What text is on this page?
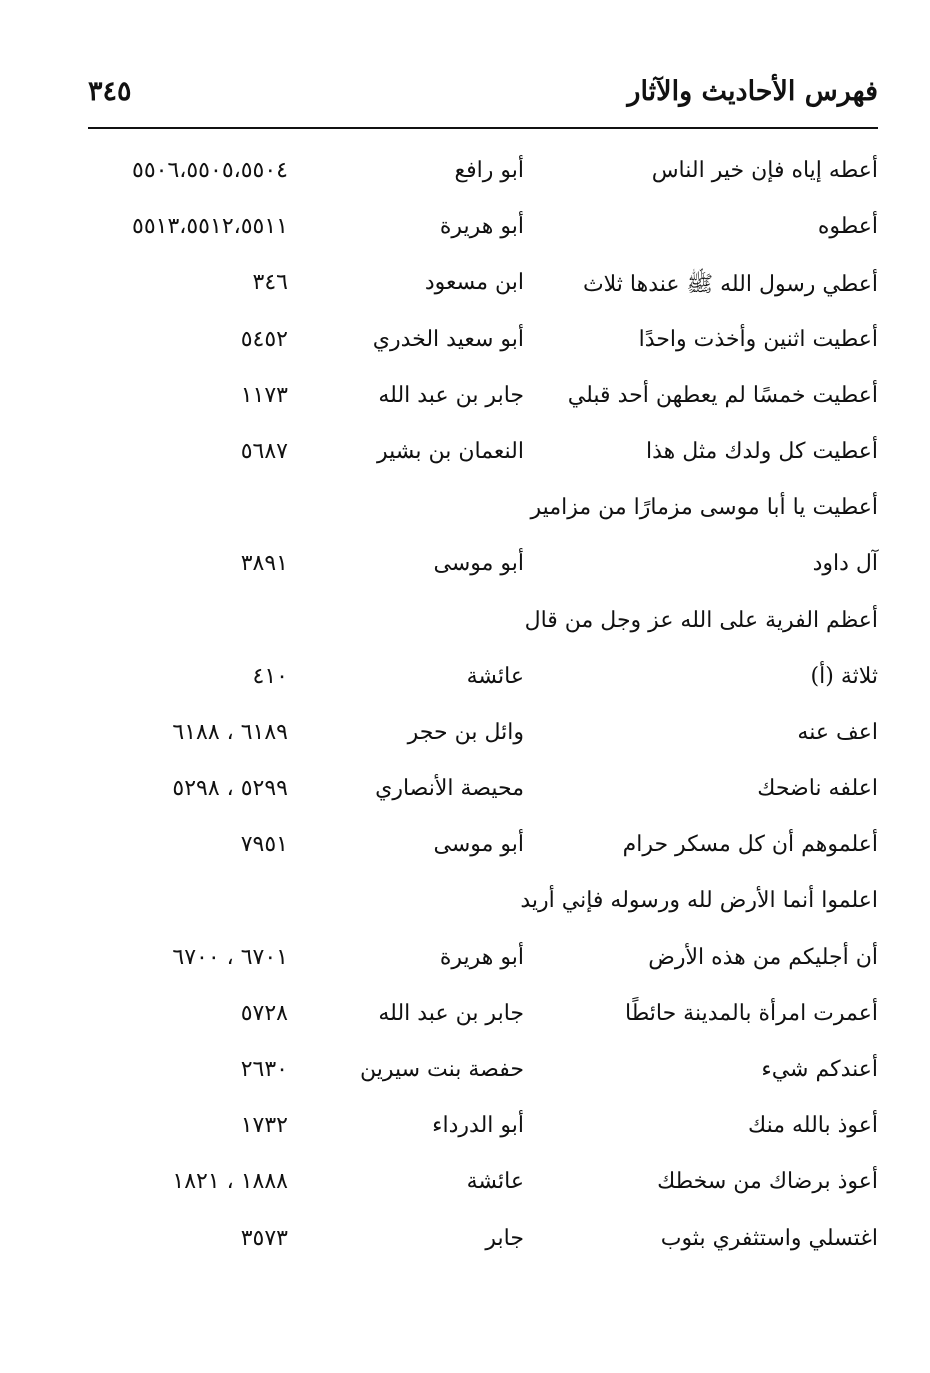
فهرس الأحاديث والآثار
٣٤٥
أعطه إياه فإن خير الناس
أبو رافع
٥٥٠٦،٥٥٠٥،٥٥٠٤
أعطوه
أبو هريرة
٥٥١٣،٥٥١٢،٥٥١١
أعطي رسول الله ﷺ عندها ثلاث
ابن مسعود
٣٤٦
أعطيت اثنين وأخذت واحدًا
أبو سعيد الخدري
٥٤٥٢
أعطيت خمسًا لم يعطهن أحد قبلي
جابر بن عبد الله
١١٧٣
أعطيت كل ولدك مثل هذا
النعمان بن بشير
٥٦٨٧
أعطيت يا أبا موسى مزمارًا من مزامير
آل داود
أبو موسى
٣٨٩١
أعظم الفرية على الله عز وجل من قال
ثلاثة (أ)
عائشة
٤١٠
اعف عنه
وائل بن حجر
٦١٨٩ ، ٦١٨٨
اعلفه ناضحك
محيصة الأنصاري
٥٢٩٩ ، ٥٢٩٨
أعلموهم أن كل مسكر حرام
أبو موسى
٧٩٥١
اعلموا أنما الأرض لله ورسوله فإني أريد
أن أجليكم من هذه الأرض
أبو هريرة
٦٧٠١ ، ٦٧٠٠
أعمرت امرأة بالمدينة حائطًا
جابر بن عبد الله
٥٧٢٨
أعندكم شيء
حفصة بنت سيرين
٢٦٣٠
أعوذ بالله منك
أبو الدرداء
١٧٣٢
أعوذ برضاك من سخطك
عائشة
١٨٨٨ ، ١٨٢١
اغتسلي واستثفري بثوب
جابر
٣٥٧٣
